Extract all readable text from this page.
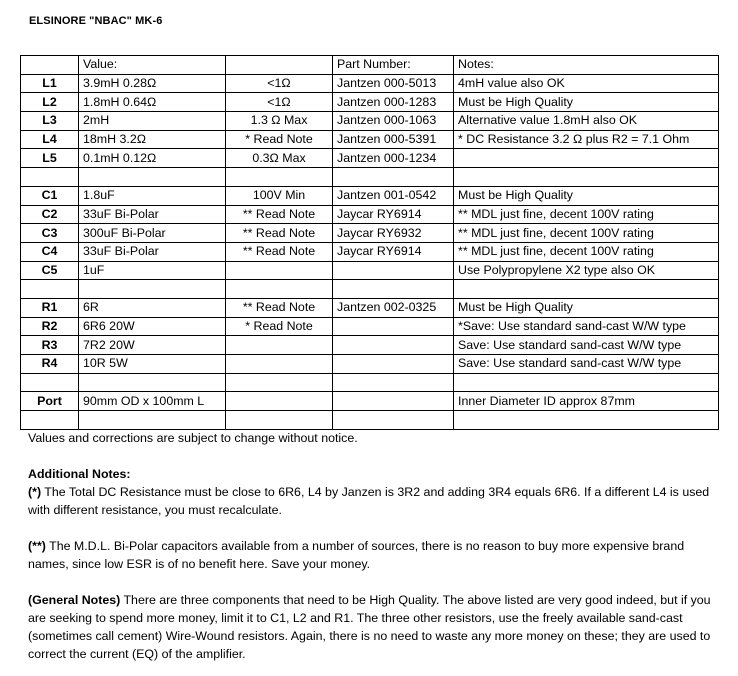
ELSINORE "NBAC" MK-6
	Value:		Part Number:	Notes:
L1	3.9mH 0.28Ω	<1Ω	Jantzen 000-5013	4mH value also OK
L2	1.8mH 0.64Ω	<1Ω	Jantzen 000-1283	Must be High Quality
L3	2mH	1.3 Ω Max	Jantzen 000-1063	Alternative value 1.8mH also OK
L4	18mH 3.2Ω	* Read Note	Jantzen 000-5391	* DC Resistance 3.2 Ω plus R2 = 7.1 Ohm
L5	0.1mH 0.12Ω	0.3Ω Max	Jantzen 000-1234	

C1	1.8uF	100V Min	Jantzen 001-0542	Must be High Quality
C2	33uF Bi-Polar	** Read Note	Jaycar RY6914	** MDL just fine, decent 100V rating
C3	300uF Bi-Polar	** Read Note	Jaycar RY6932	** MDL just fine, decent 100V rating
C4	33uF Bi-Polar	** Read Note	Jaycar RY6914	** MDL just fine, decent 100V rating
C5	1uF			Use Polypropylene X2 type also OK

R1	6R	** Read Note	Jantzen 002-0325	Must be High Quality
R2	6R6 20W	* Read Note		*Save: Use standard sand-cast W/W type
R3	7R2 20W			Save: Use standard sand-cast W/W type
R4	10R 5W			Save: Use standard sand-cast W/W type

Port	90mm OD x 100mm L			Inner Diameter ID approx 87mm

Values and corrections are subject to change without notice.

Additional Notes:

(*) The Total DC Resistance must be close to 6R6, L4 by Janzen is 3R2 and adding 3R4 equals 6R6. If a different L4 is used with different resistance, you must recalculate.

(**) The M.D.L. Bi-Polar capacitors available from a number of sources, there is no reason to buy more expensive brand names, since low ESR is of no benefit here. Save your money.

(General Notes) There are three components that need to be High Quality. The above listed are very good indeed, but if you are seeking to spend more money, limit it to C1, L2 and R1. The three other resistors, use the freely available sand-cast (sometimes call cement) Wire-Wound resistors. Again, there is no need to waste any more money on these; they are used to correct the current (EQ) of the amplifier.
